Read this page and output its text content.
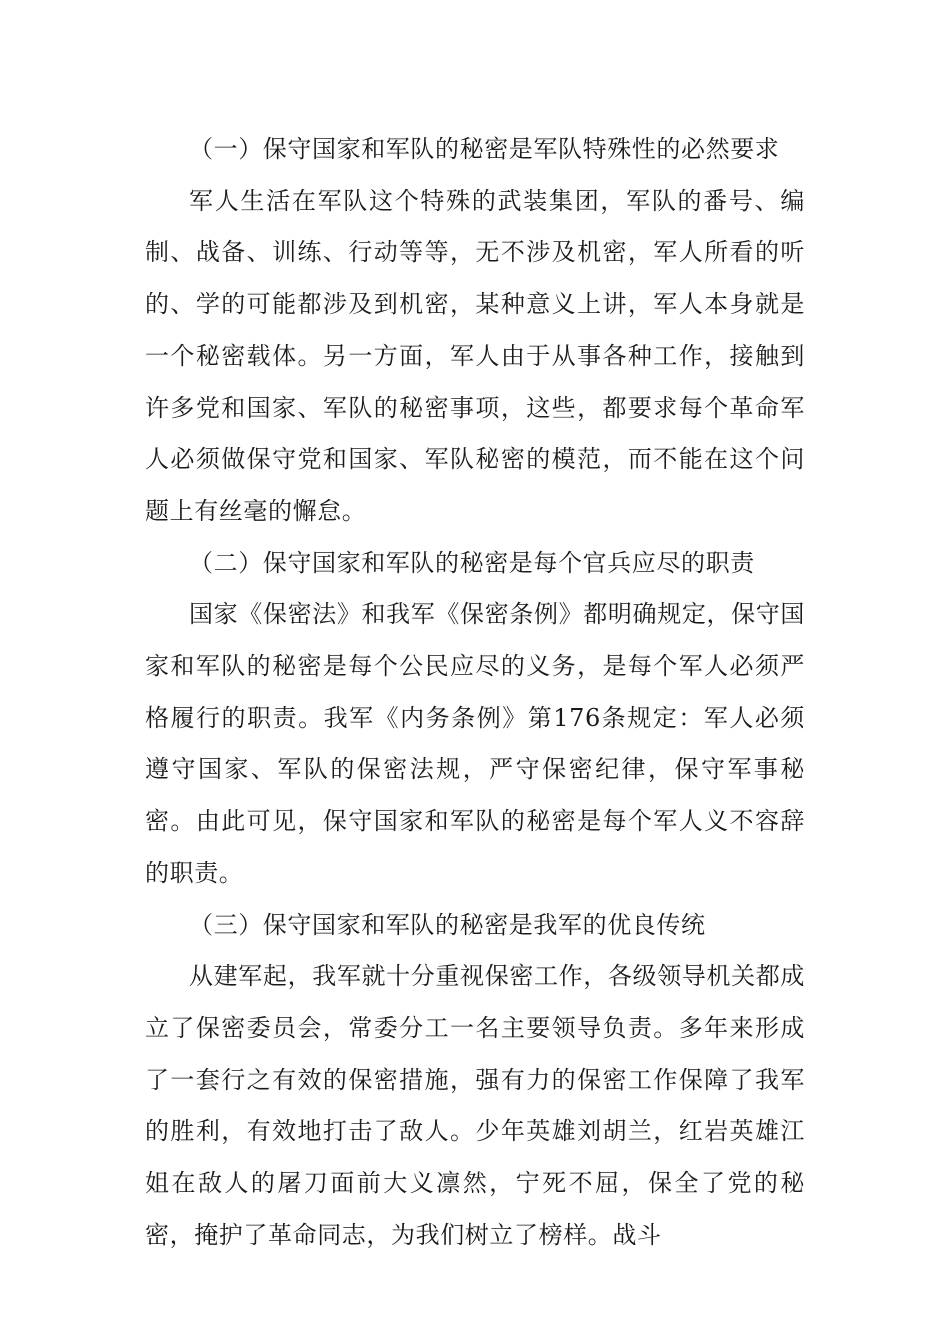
（一）保守国家和军队的秘密是军队特殊性的必然要求

军人生活在军队这个特殊的武装集团，军队的番号、编制、战备、训练、行动等等，无不涉及机密，军人所看的听的、学的可能都涉及到机密，某种意义上讲，军人本身就是一个秘密载体。另一方面，军人由于从事各种工作，接触到许多党和国家、军队的秘密事项，这些，都要求每个革命军人必须做保守党和国家、军队秘密的模范，而不能在这个问题上有丝毫的懈怠。

（二）保守国家和军队的秘密是每个官兵应尽的职责

国家《保密法》和我军《保密条例》都明确规定，保守国家和军队的秘密是每个公民应尽的义务，是每个军人必须严格履行的职责。我军《内务条例》第176条规定：军人必须遵守国家、军队的保密法规，严守保密纪律，保守军事秘密。由此可见，保守国家和军队的秘密是每个军人义不容辞的职责。

（三）保守国家和军队的秘密是我军的优良传统

从建军起，我军就十分重视保密工作，各级领导机关都成立了保密委员会，常委分工一名主要领导负责。多年来形成了一套行之有效的保密措施，强有力的保密工作保障了我军的胜利，有效地打击了敌人。少年英雄刘胡兰，红岩英雄江姐在敌人的屠刀面前大义凛然，宁死不屈，保全了党的秘密，掩护了革命同志，为我们树立了榜样。战斗
